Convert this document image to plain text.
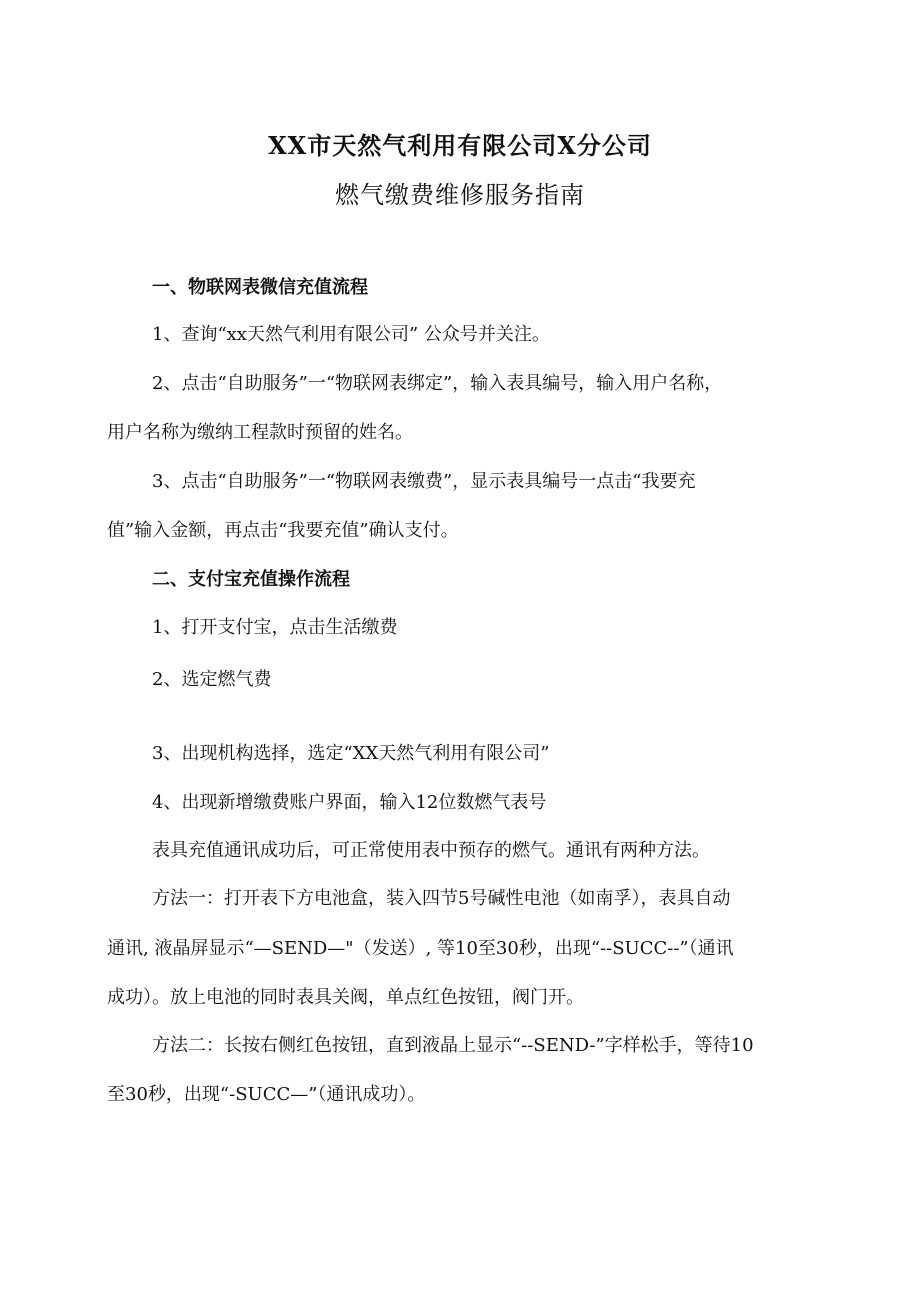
XX市天然气利用有限公司X分公司
燃气缴费维修服务指南
一、物联网表微信充值流程
1、查询“xx天然气利用有限公司” 公众号并关注。
2、点击“自助服务”一“物联网表绑定”，输入表具编号，输入用户名称，
用户名称为缴纳工程款时预留的姓名。
3、点击“自助服务”一“物联网表缴费”，显示表具编号一点击“我要充
值”输入金额，再点击“我要充值”确认支付。
二、支付宝充值操作流程
1、打开支付宝，点击生活缴费
2、选定燃气费
3、出现机构选择，选定“XX天然气利用有限公司”
4、出现新增缴费账户界面，输入12位数燃气表号
表具充值通讯成功后，可正常使用表中预存的燃气。通讯有两种方法。
方法一：打开表下方电池盒，装入四节5号碱性电池（如南孚），表具自动
通讯, 液晶屏显示“—SEND—"（发送）, 等10至30秒，出现“--SUCC--”（通讯
成功）。放上电池的同时表具关阀，单点红色按钮，阀门开。
方法二：长按右侧红色按钮，直到液晶上显示“--SEND-”字样松手，等待10
至30秒，出现“-SUCC—”（通讯成功）。
